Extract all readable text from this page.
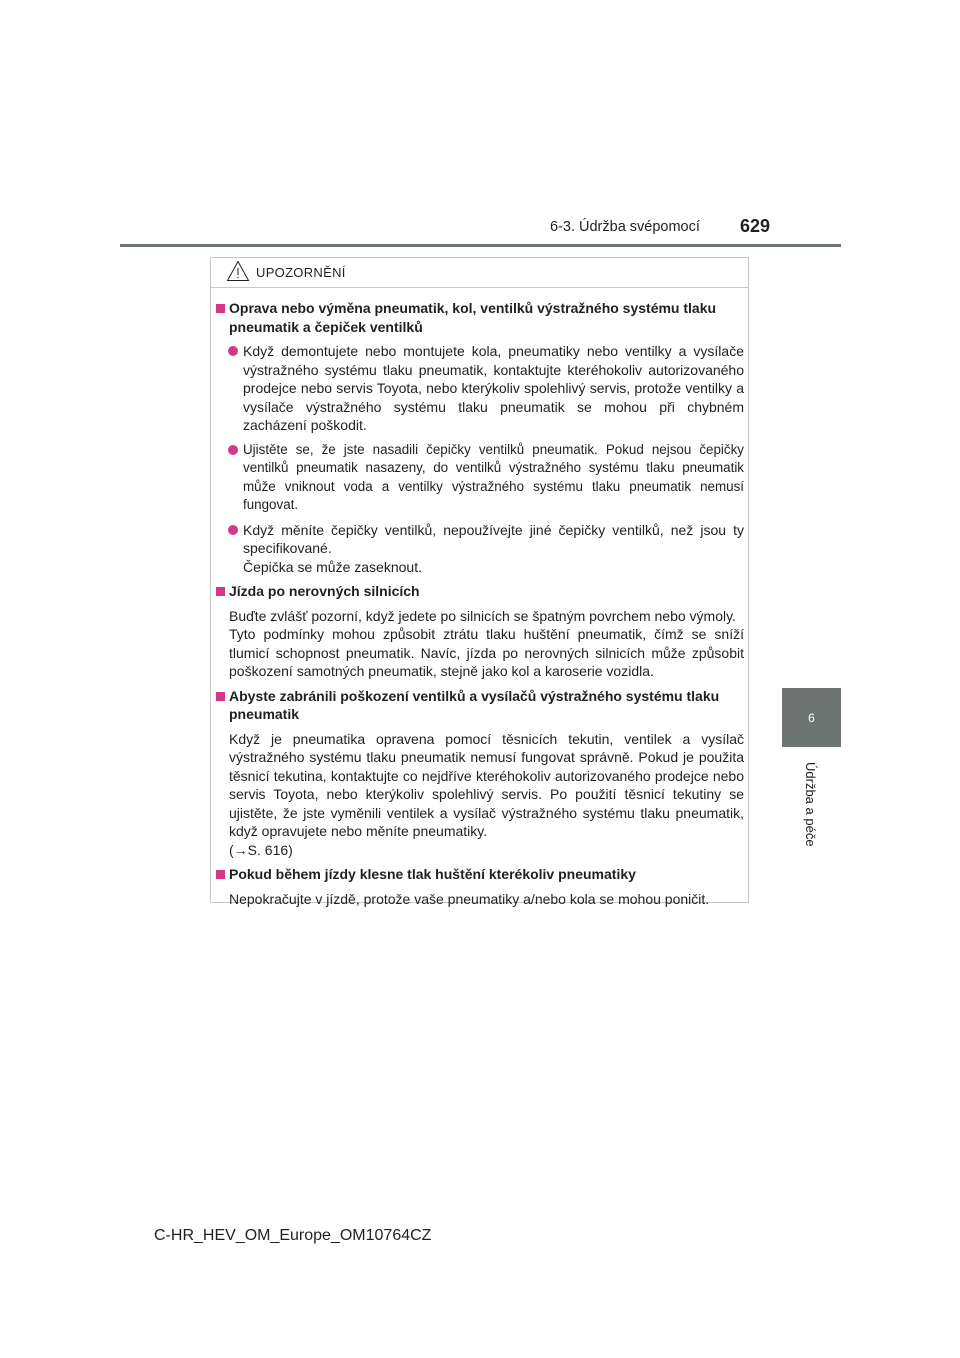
6-3. Údržba svépomocí 629
6
Údržba a péče
UPOZORNĚNÍ
Oprava nebo výměna pneumatik, kol, ventilků výstražného systému tlaku pneumatik a čepiček ventilků
Když demontujete nebo montujete kola, pneumatiky nebo ventilky a vysílače výstražného systému tlaku pneumatik, kontaktujte kteréhokoliv autorizovaného prodejce nebo servis Toyota, nebo kterýkoliv spolehlivý servis, protože ventilky a vysílače výstražného systému tlaku pneumatik se mohou při chybném zacházení poškodit.
Ujistěte se, že jste nasadili čepičky ventilků pneumatik. Pokud nejsou čepičky ventilků pneumatik nasazeny, do ventilků výstražného systému tlaku pneumatik může vniknout voda a ventilky výstražného systému tlaku pneumatik nemusí fungovat.
Když měníte čepičky ventilků, nepoužívejte jiné čepičky ventilků, než jsou ty specifikované.
Čepička se může zaseknout.
Jízda po nerovných silnicích
Buďte zvlášť pozorní, když jedete po silnicích se špatným povrchem nebo výmoly.
Tyto podmínky mohou způsobit ztrátu tlaku huštění pneumatik, čímž se sníží tlumicí schopnost pneumatik. Navíc, jízda po nerovných silnicích může způsobit poškození samotných pneumatik, stejně jako kol a karoserie vozidla.
Abyste zabránili poškození ventilků a vysílačů výstražného systému tlaku pneumatik
Když je pneumatika opravena pomocí těsnicích tekutin, ventilek a vysílač výstražného systému tlaku pneumatik nemusí fungovat správně. Pokud je použita těsnicí tekutina, kontaktujte co nejdříve kteréhokoliv autorizovaného prodejce nebo servis Toyota, nebo kterýkoliv spolehlivý servis. Po použití těsnicí tekutiny se ujistěte, že jste vyměnili ventilek a vysílač výstražného systému tlaku pneumatik, když opravujete nebo měníte pneumatiky.
(→S. 616)
Pokud během jízdy klesne tlak huštění kterékoliv pneumatiky
Nepokračujte v jízdě, protože vaše pneumatiky a/nebo kola se mohou poničit.
C-HR_HEV_OM_Europe_OM10764CZ
